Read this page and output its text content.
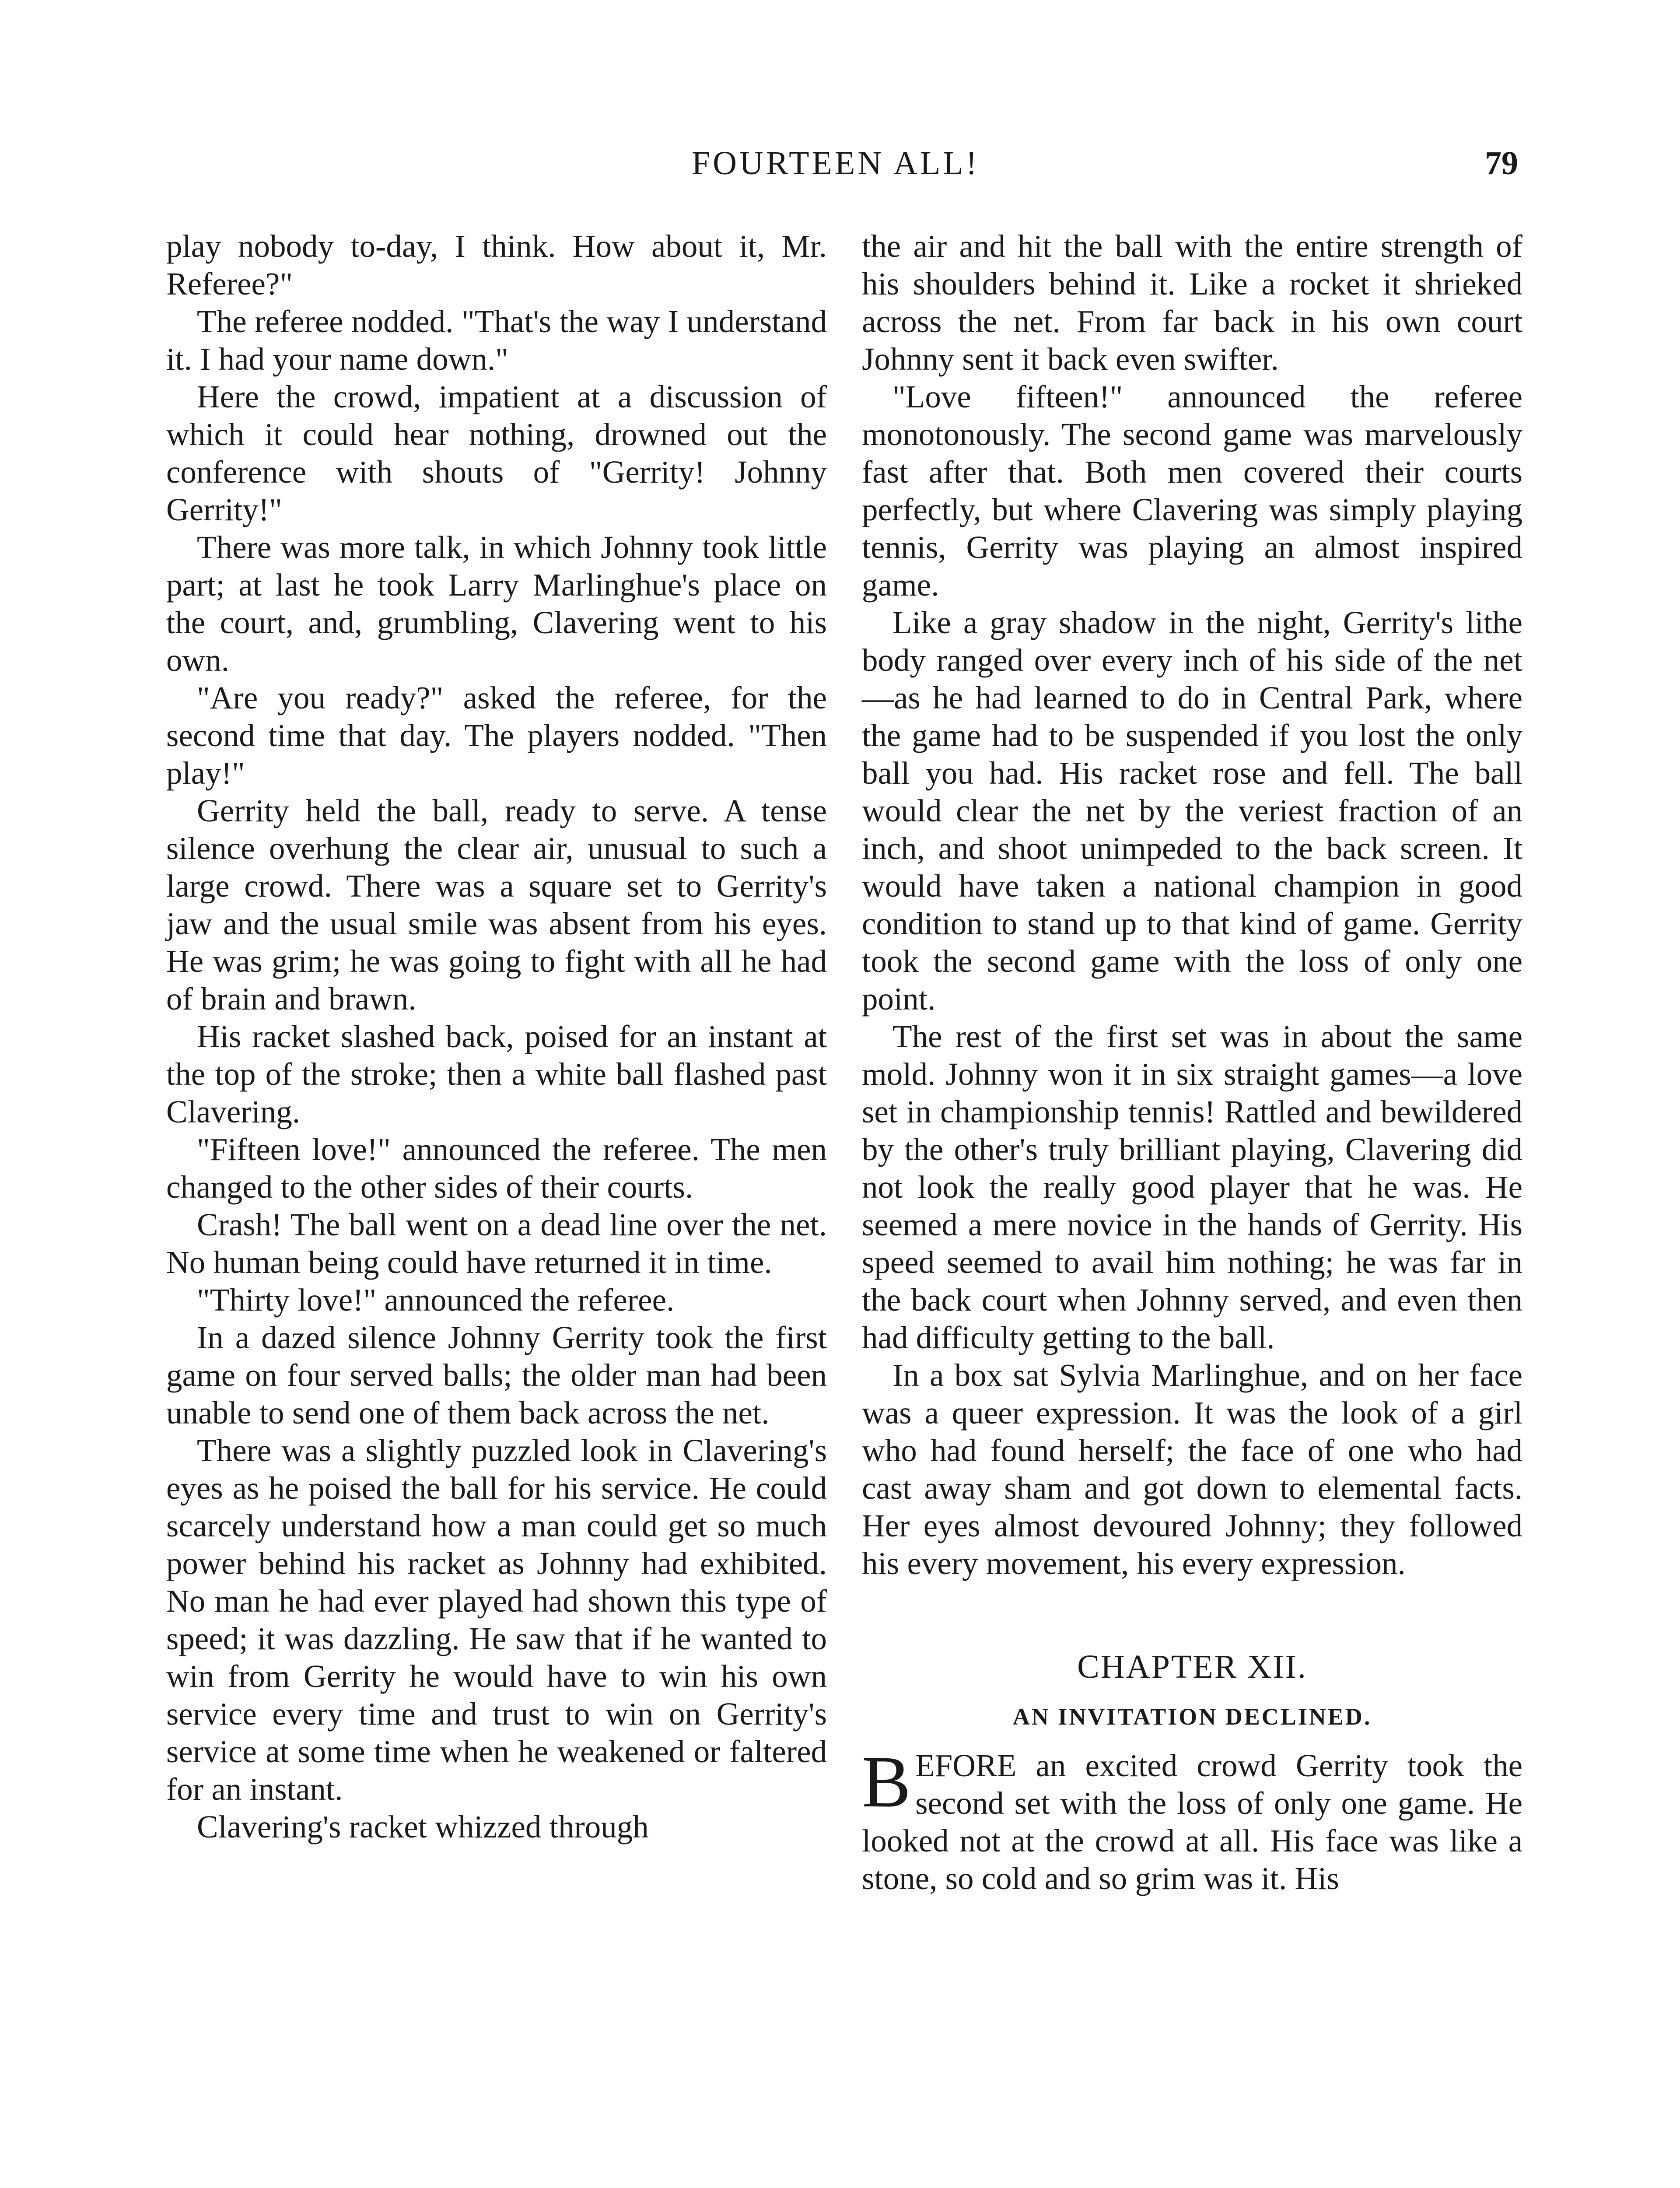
FOURTEEN ALL!	79

play nobody to-day, I think. How about it, Mr. Referee?"

The referee nodded. "That's the way I understand it. I had your name down."

Here the crowd, impatient at a discussion of which it could hear nothing, drowned out the conference with shouts of "Gerrity! Johnny Gerrity!"

There was more talk, in which Johnny took little part; at last he took Larry Marlinghue's place on the court, and, grumbling, Clavering went to his own.

"Are you ready?" asked the referee, for the second time that day. The players nodded. "Then play!"

Gerrity held the ball, ready to serve. A tense silence overhung the clear air, unusual to such a large crowd. There was a square set to Gerrity's jaw and the usual smile was absent from his eyes. He was grim; he was going to fight with all he had of brain and brawn.

His racket slashed back, poised for an instant at the top of the stroke; then a white ball flashed past Clavering.

"Fifteen love!" announced the referee. The men changed to the other sides of their courts.

Crash! The ball went on a dead line over the net. No human being could have returned it in time.

"Thirty love!" announced the referee.

In a dazed silence Johnny Gerrity took the first game on four served balls; the older man had been unable to send one of them back across the net.

There was a slightly puzzled look in Clavering's eyes as he poised the ball for his service. He could scarcely understand how a man could get so much power behind his racket as Johnny had exhibited. No man he had ever played had shown this type of speed; it was dazzling. He saw that if he wanted to win from Gerrity he would have to win his own service every time and trust to win on Gerrity's service at some time when he weakened or faltered for an instant.

Clavering's racket whizzed through

the air and hit the ball with the entire strength of his shoulders behind it. Like a rocket it shrieked across the net. From far back in his own court Johnny sent it back even swifter.

"Love fifteen!" announced the referee monotonously. The second game was marvelously fast after that. Both men covered their courts perfectly, but where Clavering was simply playing tennis, Gerrity was playing an almost inspired game.

Like a gray shadow in the night, Gerrity's lithe body ranged over every inch of his side of the net—as he had learned to do in Central Park, where the game had to be suspended if you lost the only ball you had. His racket rose and fell. The ball would clear the net by the veriest fraction of an inch, and shoot unimpeded to the back screen. It would have taken a national champion in good condition to stand up to that kind of game. Gerrity took the second game with the loss of only one point.

The rest of the first set was in about the same mold. Johnny won it in six straight games—a love set in championship tennis! Rattled and bewildered by the other's truly brilliant playing, Clavering did not look the really good player that he was. He seemed a mere novice in the hands of Gerrity. His speed seemed to avail him nothing; he was far in the back court when Johnny served, and even then had difficulty getting to the ball.

In a box sat Sylvia Marlinghue, and on her face was a queer expression. It was the look of a girl who had found herself; the face of one who had cast away sham and got down to elemental facts. Her eyes almost devoured Johnny; they followed his every movement, his every expression.

CHAPTER XII.
AN INVITATION DECLINED.

BEFORE an excited crowd Gerrity took the second set with the loss of only one game. He looked not at the crowd at all. His face was like a stone, so cold and so grim was it. His
